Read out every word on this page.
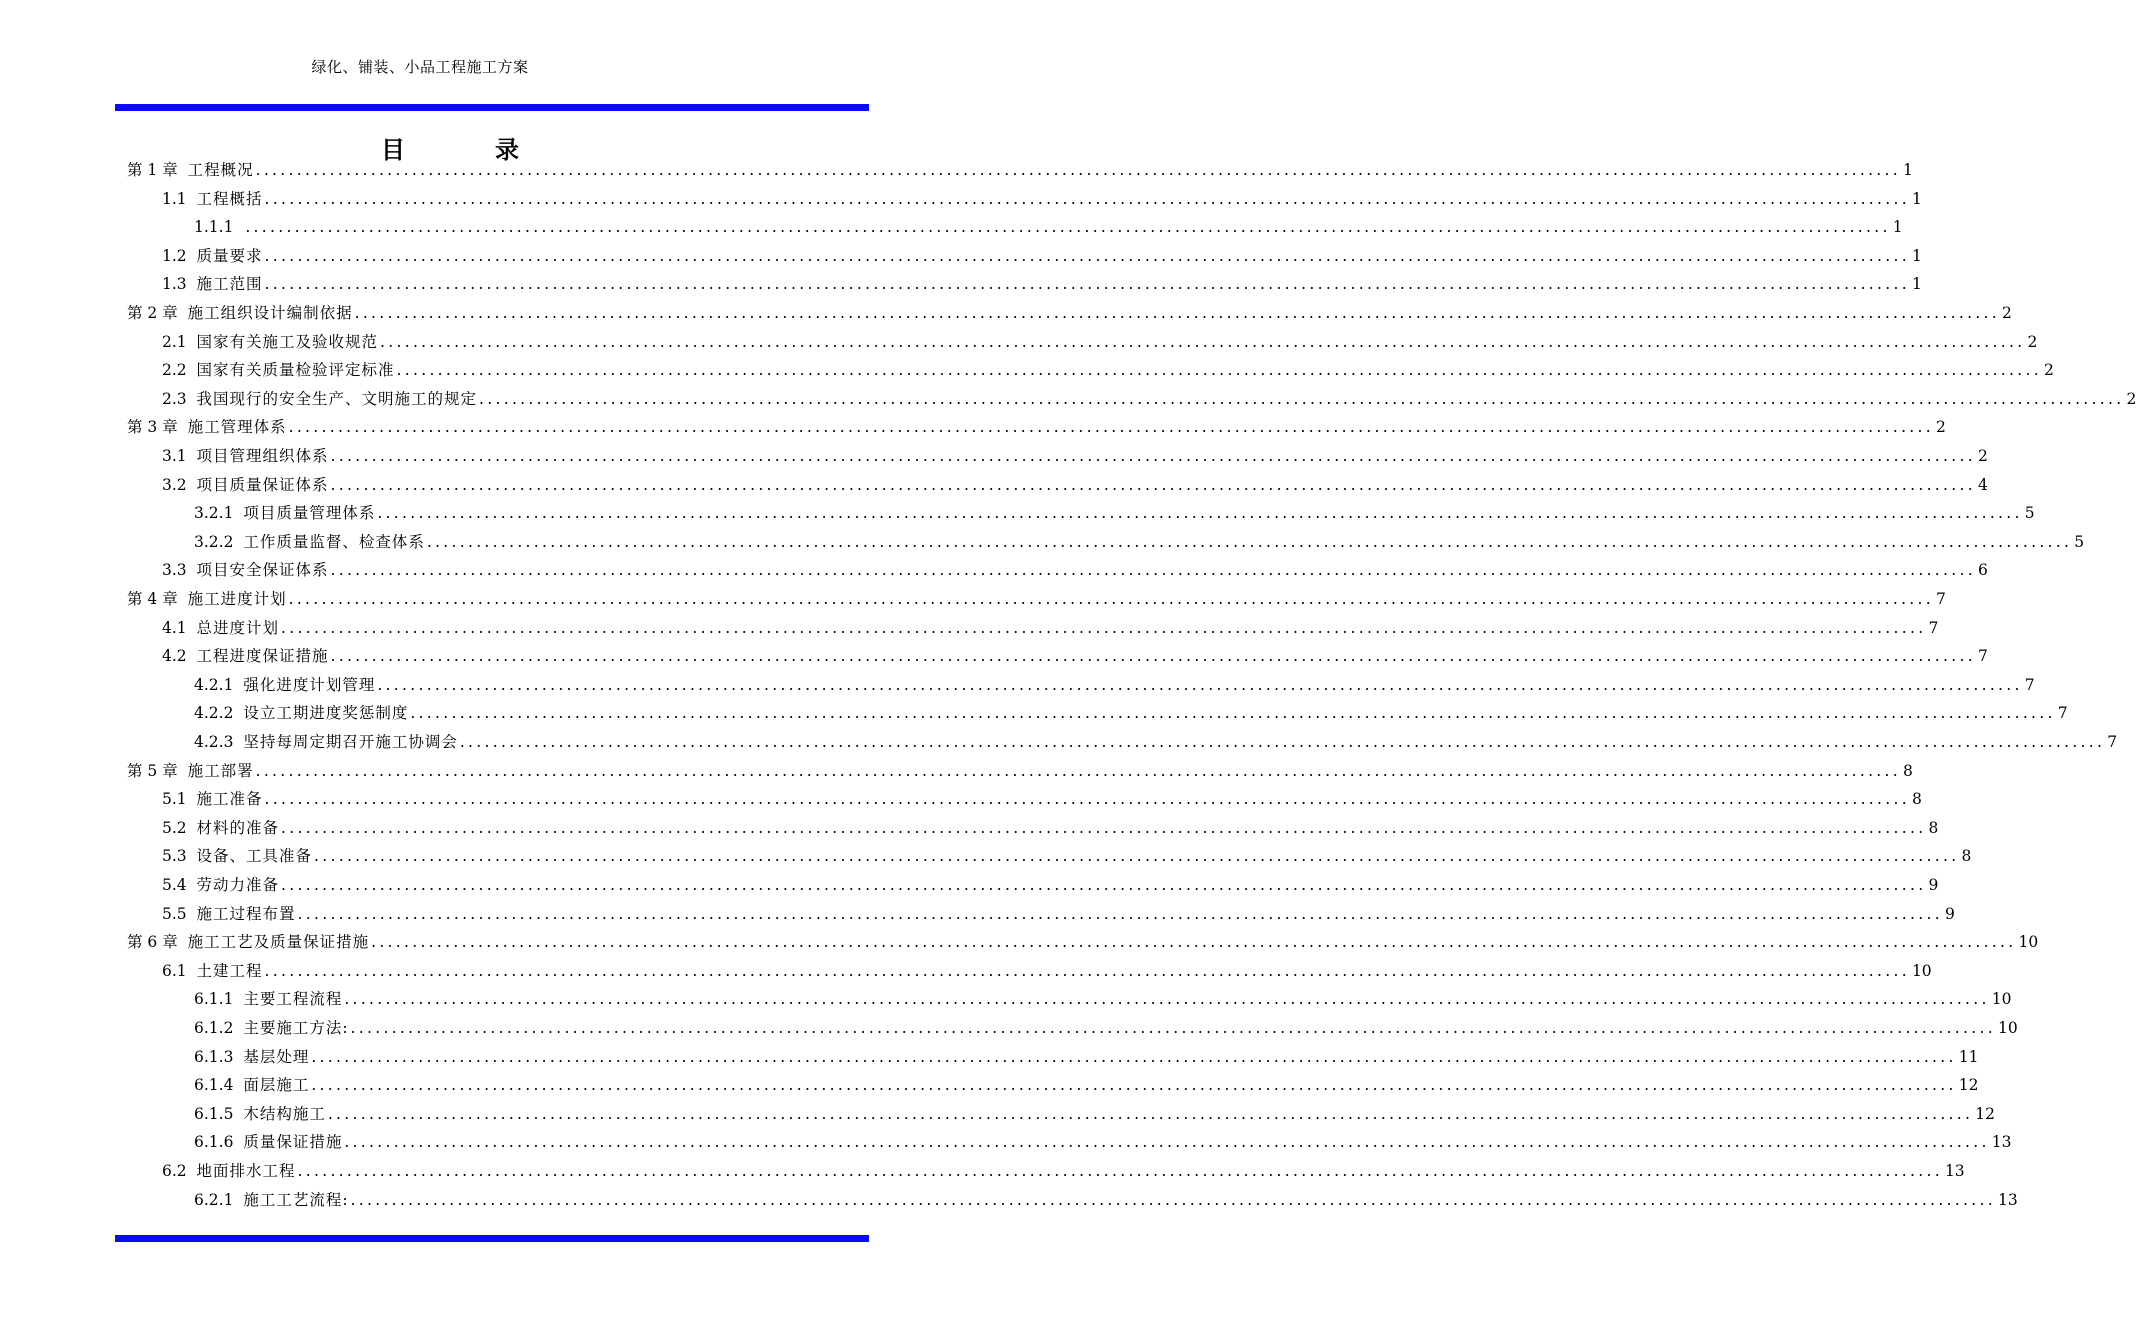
绿化、铺装、小品工程施工方案
目录
第 1 章
工程概况 ........................................................................................................................................................................................................ 1
1.1
工程概括 ........................................................................................................................................................................................................ 1
1.1.1
........................................................................................................................................................................................................ 1
1.2
质量要求 ........................................................................................................................................................................................................ 1
1.3
施工范围 ........................................................................................................................................................................................................ 1
第 2 章
施工组织设计编制依据 ........................................................................................................................................................................................................ 2
2.1
国家有关施工及验收规范 ........................................................................................................................................................................................................ 2
2.2
国家有关质量检验评定标准 ........................................................................................................................................................................................................ 2
2.3
我国现行的安全生产、文明施工的规定 ........................................................................................................................................................................................................ 2
第 3 章
施工管理体系 ........................................................................................................................................................................................................ 2
3.1
项目管理组织体系 ........................................................................................................................................................................................................ 2
3.2
项目质量保证体系 ........................................................................................................................................................................................................ 4
3.2.1
项目质量管理体系 ........................................................................................................................................................................................................ 5
3.2.2
工作质量监督、检查体系 ........................................................................................................................................................................................................ 5
3.3
项目安全保证体系 ........................................................................................................................................................................................................ 6
第 4 章
施工进度计划 ........................................................................................................................................................................................................ 7
4.1
总进度计划 ........................................................................................................................................................................................................ 7
4.2
工程进度保证措施 ........................................................................................................................................................................................................ 7
4.2.1
强化进度计划管理 ........................................................................................................................................................................................................ 7
4.2.2
设立工期进度奖惩制度 ........................................................................................................................................................................................................ 7
4.2.3
坚持每周定期召开施工协调会 ........................................................................................................................................................................................................ 7
第 5 章
施工部署 ........................................................................................................................................................................................................ 8
5.1
施工准备 ........................................................................................................................................................................................................ 8
5.2
材料的准备 ........................................................................................................................................................................................................ 8
5.3
设备、工具准备 ........................................................................................................................................................................................................ 8
5.4
劳动力准备 ........................................................................................................................................................................................................ 9
5.5
施工过程布置 ........................................................................................................................................................................................................ 9
第 6 章
施工工艺及质量保证措施 ........................................................................................................................................................................................................ 10
6.1
土建工程 ........................................................................................................................................................................................................ 10
6.1.1
主要工程流程 ........................................................................................................................................................................................................ 10
6.1.2
主要施工方法: ........................................................................................................................................................................................................ 10
6.1.3
基层处理 ........................................................................................................................................................................................................ 11
6.1.4
面层施工 ........................................................................................................................................................................................................ 12
6.1.5
木结构施工 ........................................................................................................................................................................................................ 12
6.1.6
质量保证措施 ........................................................................................................................................................................................................ 13
6.2
地面排水工程 ........................................................................................................................................................................................................ 13
6.2.1
施工工艺流程: ........................................................................................................................................................................................................ 13
